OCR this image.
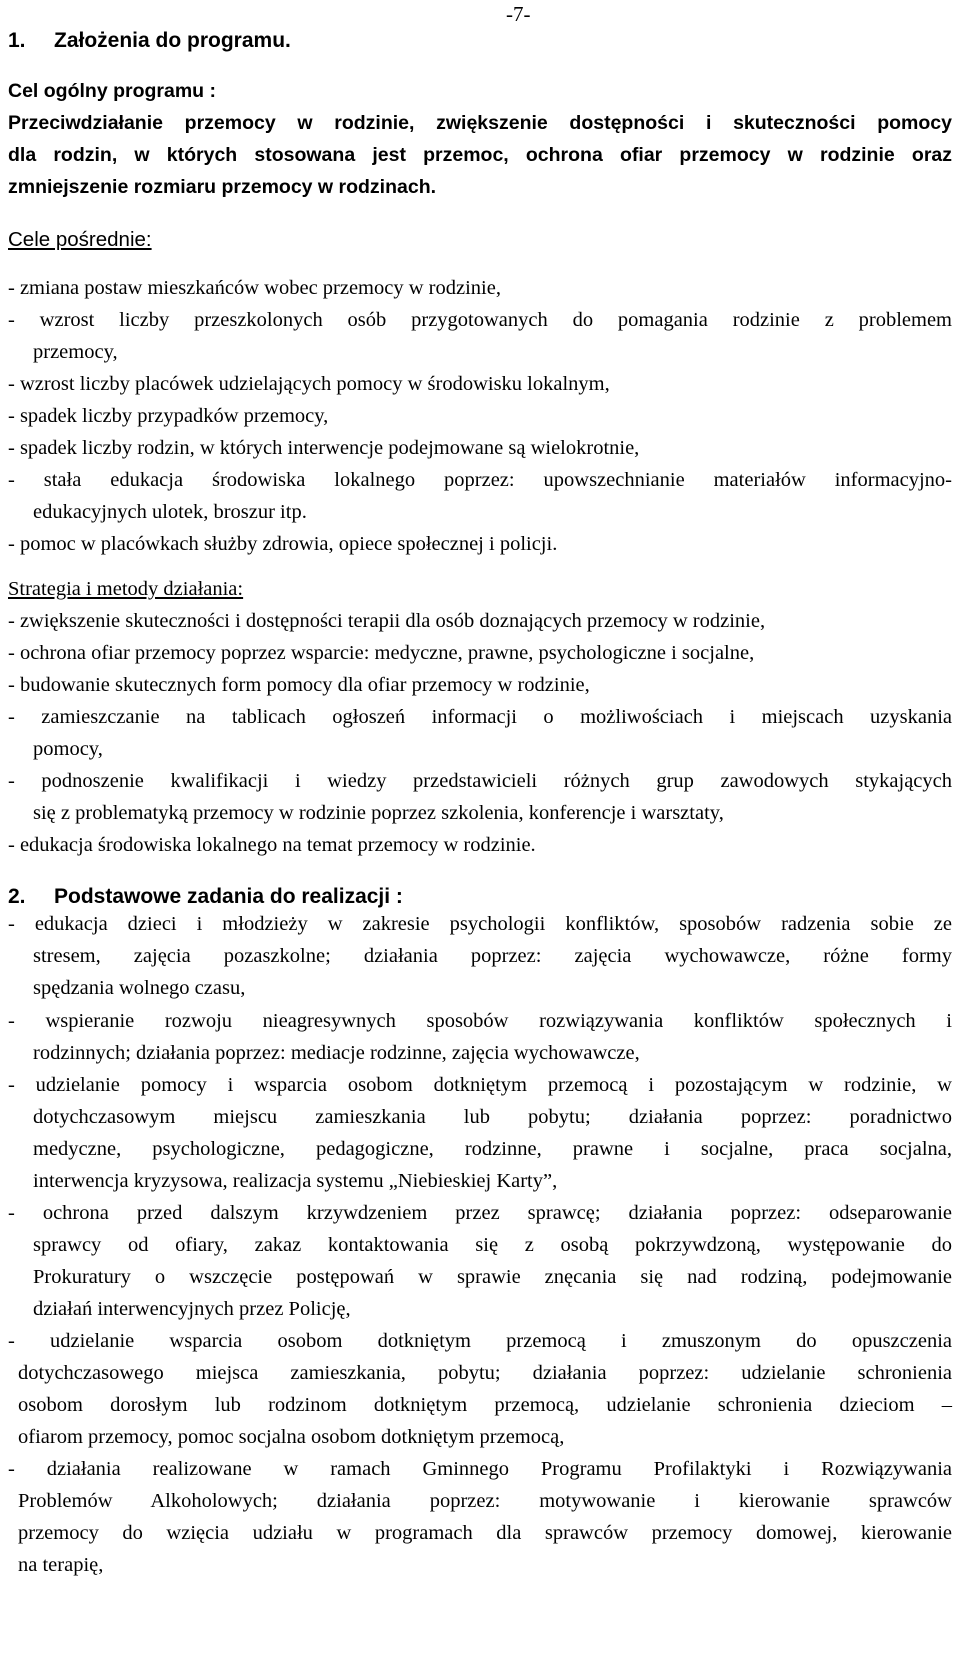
-7-
1. Założenia do programu.
Cel ogólny programu :
Przeciwdziałanie przemocy w rodzinie, zwiększenie dostępności i skuteczności pomocy
dla rodzin, w których stosowana jest przemoc, ochrona ofiar przemocy w rodzinie oraz
zmniejszenie rozmiaru przemocy w rodzinach.
Cele pośrednie:
- zmiana postaw mieszkańców wobec przemocy w rodzinie,
- wzrost liczby przeszkolonych osób przygotowanych do pomagania rodzinie z problemem
przemocy,
- wzrost liczby placówek udzielających pomocy w środowisku lokalnym,
- spadek liczby przypadków przemocy,
- spadek liczby rodzin, w których interwencje podejmowane są wielokrotnie,
- stała edukacja środowiska lokalnego poprzez: upowszechnianie materiałów informacyjno-
edukacyjnych ulotek, broszur itp.
- pomoc w placówkach służby zdrowia, opiece społecznej i policji.
Strategia i metody działania:
- zwiększenie skuteczności i dostępności terapii dla osób doznających przemocy w rodzinie,
- ochrona ofiar przemocy poprzez wsparcie: medyczne, prawne, psychologiczne i socjalne,
- budowanie skutecznych form pomocy dla ofiar przemocy w rodzinie,
- zamieszczanie na tablicach ogłoszeń informacji o możliwościach i miejscach uzyskania
pomocy,
- podnoszenie kwalifikacji i wiedzy przedstawicieli różnych grup zawodowych stykających
się z problematyką przemocy w rodzinie poprzez szkolenia, konferencje i warsztaty,
- edukacja środowiska lokalnego na temat przemocy w rodzinie.
2. Podstawowe zadania do realizacji :
- edukacja dzieci i młodzieży w zakresie psychologii konfliktów, sposobów radzenia sobie ze
stresem, zajęcia pozaszkolne; działania poprzez: zajęcia wychowawcze, różne formy
spędzania wolnego czasu,
- wspieranie rozwoju nieagresywnych sposobów rozwiązywania konfliktów społecznych i
rodzinnych; działania poprzez: mediacje rodzinne, zajęcia wychowawcze,
- udzielanie pomocy i wsparcia osobom dotkniętym przemocą i pozostającym w rodzinie, w
dotychczasowym miejscu zamieszkania lub pobytu; działania poprzez: poradnictwo
medyczne, psychologiczne, pedagogiczne, rodzinne, prawne i socjalne, praca socjalna,
interwencja kryzysowa, realizacja systemu „Niebieskiej Karty”,
- ochrona przed dalszym krzywdzeniem przez sprawcę; działania poprzez: odseparowanie
sprawcy od ofiary, zakaz kontaktowania się z osobą pokrzywdzoną, występowanie do
Prokuratury o wszczęcie postępowań w sprawie znęcania się nad rodziną, podejmowanie
działań interwencyjnych przez Policję,
- udzielanie wsparcia osobom dotkniętym przemocą i zmuszonym do opuszczenia
dotychczasowego miejsca zamieszkania, pobytu; działania poprzez: udzielanie schronienia
osobom dorosłym lub rodzinom dotkniętym przemocą, udzielanie schronienia dzieciom –
ofiarom przemocy, pomoc socjalna osobom dotkniętym przemocą,
- działania realizowane w ramach Gminnego Programu Profilaktyki i Rozwiązywania
Problemów Alkoholowych; działania poprzez: motywowanie i kierowanie sprawców
przemocy do wzięcia udziału w programach dla sprawców przemocy domowej, kierowanie
na terapię,
